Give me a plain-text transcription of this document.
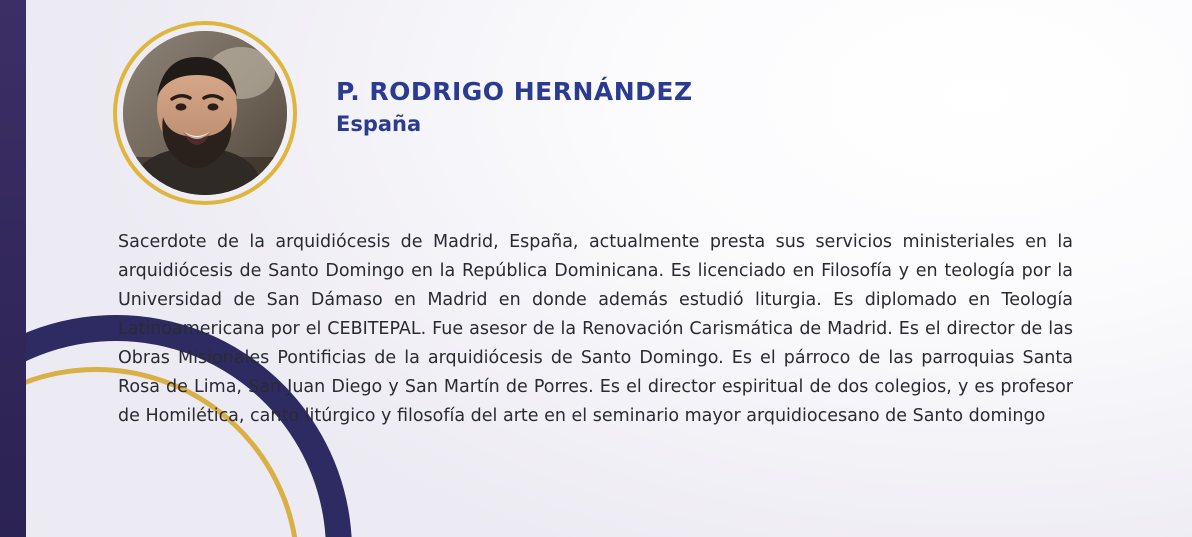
P. RODRIGO HERNÁNDEZ
España

Sacerdote de la arquidiócesis de Madrid, España, actualmente presta sus servicios ministeriales en la arquidiócesis de Santo Domingo en la República Dominicana. Es licenciado en Filosofía y en teología por la Universidad de San Dámaso en Madrid en donde además estudió liturgia. Es diplomado en Teología Latinoamericana por el CEBITEPAL. Fue asesor de la Renovación Carismática de Madrid. Es el director de las Obras Misionales Pontificias de la arquidiócesis de Santo Domingo. Es el párroco de las parroquias Santa Rosa de Lima, San Juan Diego y San Martín de Porres. Es el director espiritual de dos colegios, y es profesor de Homilética, canto litúrgico y filosofía del arte en el seminario mayor arquidiocesano de Santo domingo
